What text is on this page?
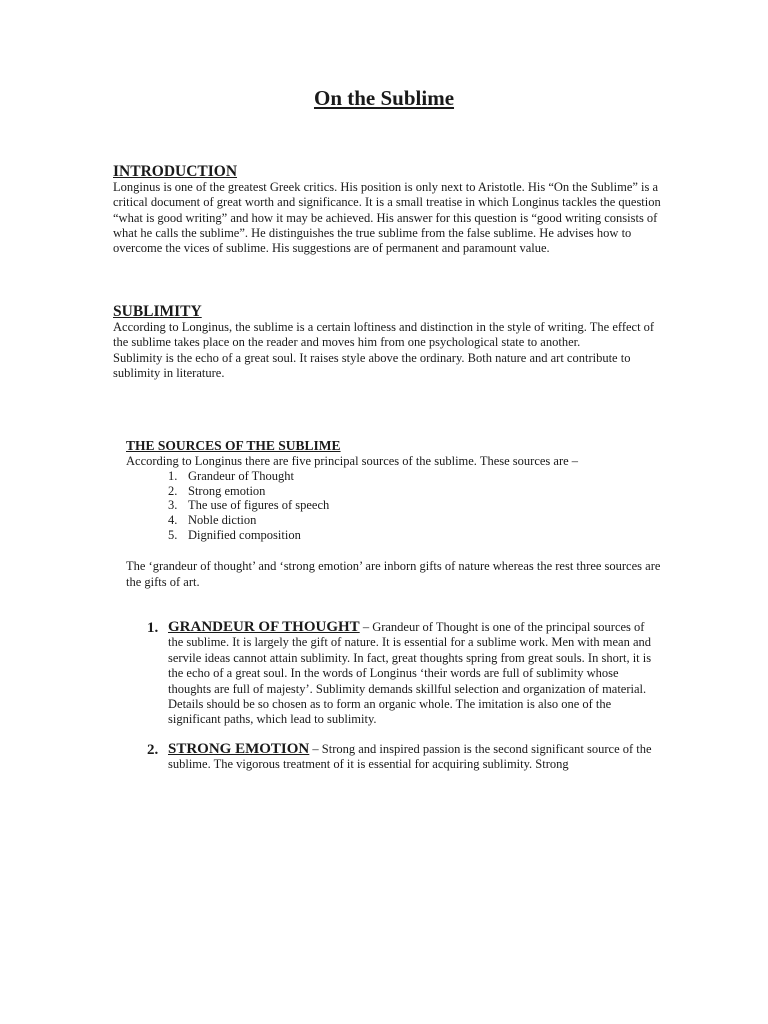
On the Sublime
INTRODUCTION

Longinus is one of the greatest Greek critics. His position is only next to Aristotle. His “On the Sublime” is a critical document of great worth and significance. It is a small treatise in which Longinus tackles the question “what is good writing” and how it may be achieved. His answer for this question is “good writing consists of what he calls the sublime”. He distinguishes the true sublime from the false sublime. He advises how to overcome the vices of sublime. His suggestions are of permanent and paramount value.

SUBLIMITY

According to Longinus, the sublime is a certain loftiness and distinction in the style of writing. The effect of the sublime takes place on the reader and moves him from one psychological state to another.

Sublimity is the echo of a great soul. It raises style above the ordinary. Both nature and art contribute to sublimity in literature.

THE SOURCES OF THE SUBLIME

According to Longinus there are five principal sources of the sublime. These sources are –

1. Grandeur of Thought
2. Strong emotion
3. The use of figures of speech
4. Noble diction
5. Dignified composition

The ‘grandeur of thought’ and ‘strong emotion’ are inborn gifts of nature whereas the rest three sources are the gifts of art.

1. GRANDEUR OF THOUGHT – Grandeur of Thought is one of the principal sources of the sublime. It is largely the gift of nature. It is essential for a sublime work. Men with mean and servile ideas cannot attain sublimity. In fact, great thoughts spring from great souls. In short, it is the echo of a great soul. In the words of Longinus ‘their words are full of sublimity whose thoughts are full of majesty’. Sublimity demands skillful selection and organization of material. Details should be so chosen as to form an organic whole. The imitation is also one of the significant paths, which lead to sublimity.
2. STRONG EMOTION – Strong and inspired passion is the second significant source of the sublime. The vigorous treatment of it is essential for acquiring sublimity. Strong
